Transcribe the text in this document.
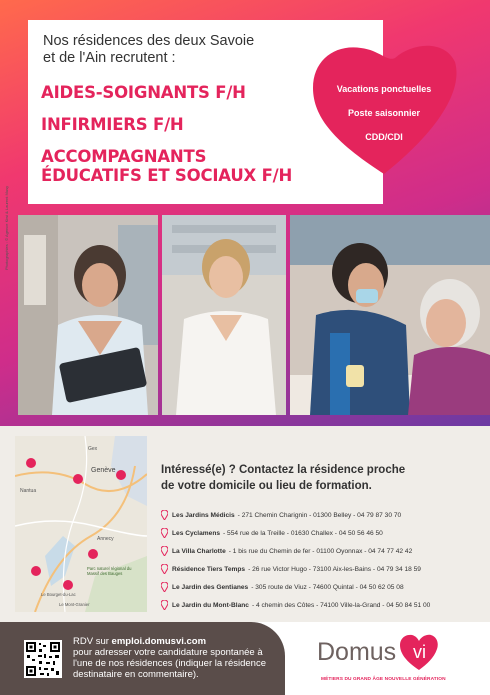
Nos résidences des deux Savoie
et de l'Ain recrutent :
AIDES-SOIGNANTS F/H
INFIRMIERS F/H
ACCOMPAGNANTS
ÉDUCATIFS ET SOCIAUX F/H
Vacations ponctuelles
Poste saisonnier
CDD/CDI
Photographies : © Agence Kiwi & Laurent Musy
Gex
Genève
Nantua
Annecy
Parc naturel régional du Massif des Bauges
Le Bourget-du-Lac
Le Mont-Granier
Intéressé(e) ? Contactez la résidence proche
de votre domicile ou lieu de formation.
Les Jardins Médicis - 271 Chemin Charignin - 01300 Belley - 04 79 87 30 70
Les Cyclamens - 554 rue de la Treille - 01630 Challex - 04 50 56 46 50
La Villa Charlotte - 1 bis rue du Chemin de fer - 01100 Oyonnax - 04 74 77 42 42
Résidence Tiers Temps - 26 rue Victor Hugo - 73100 Aix-les-Bains - 04 79 34 18 59
Le Jardin des Gentianes - 305 route de Viuz - 74600 Quintal - 04 50 62 05 08
Le Jardin du Mont-Blanc - 4 chemin des Côtes - 74100 Ville-la-Grand - 04 50 84 51 00
RDV sur emploi.domusvi.com
pour adresser votre candidature spontanée à l'une de nos résidences (indiquer la résidence destinataire en commentaire).
Domus vi
MÉTIERS DU GRAND ÂGE NOUVELLE GÉNÉRATION
